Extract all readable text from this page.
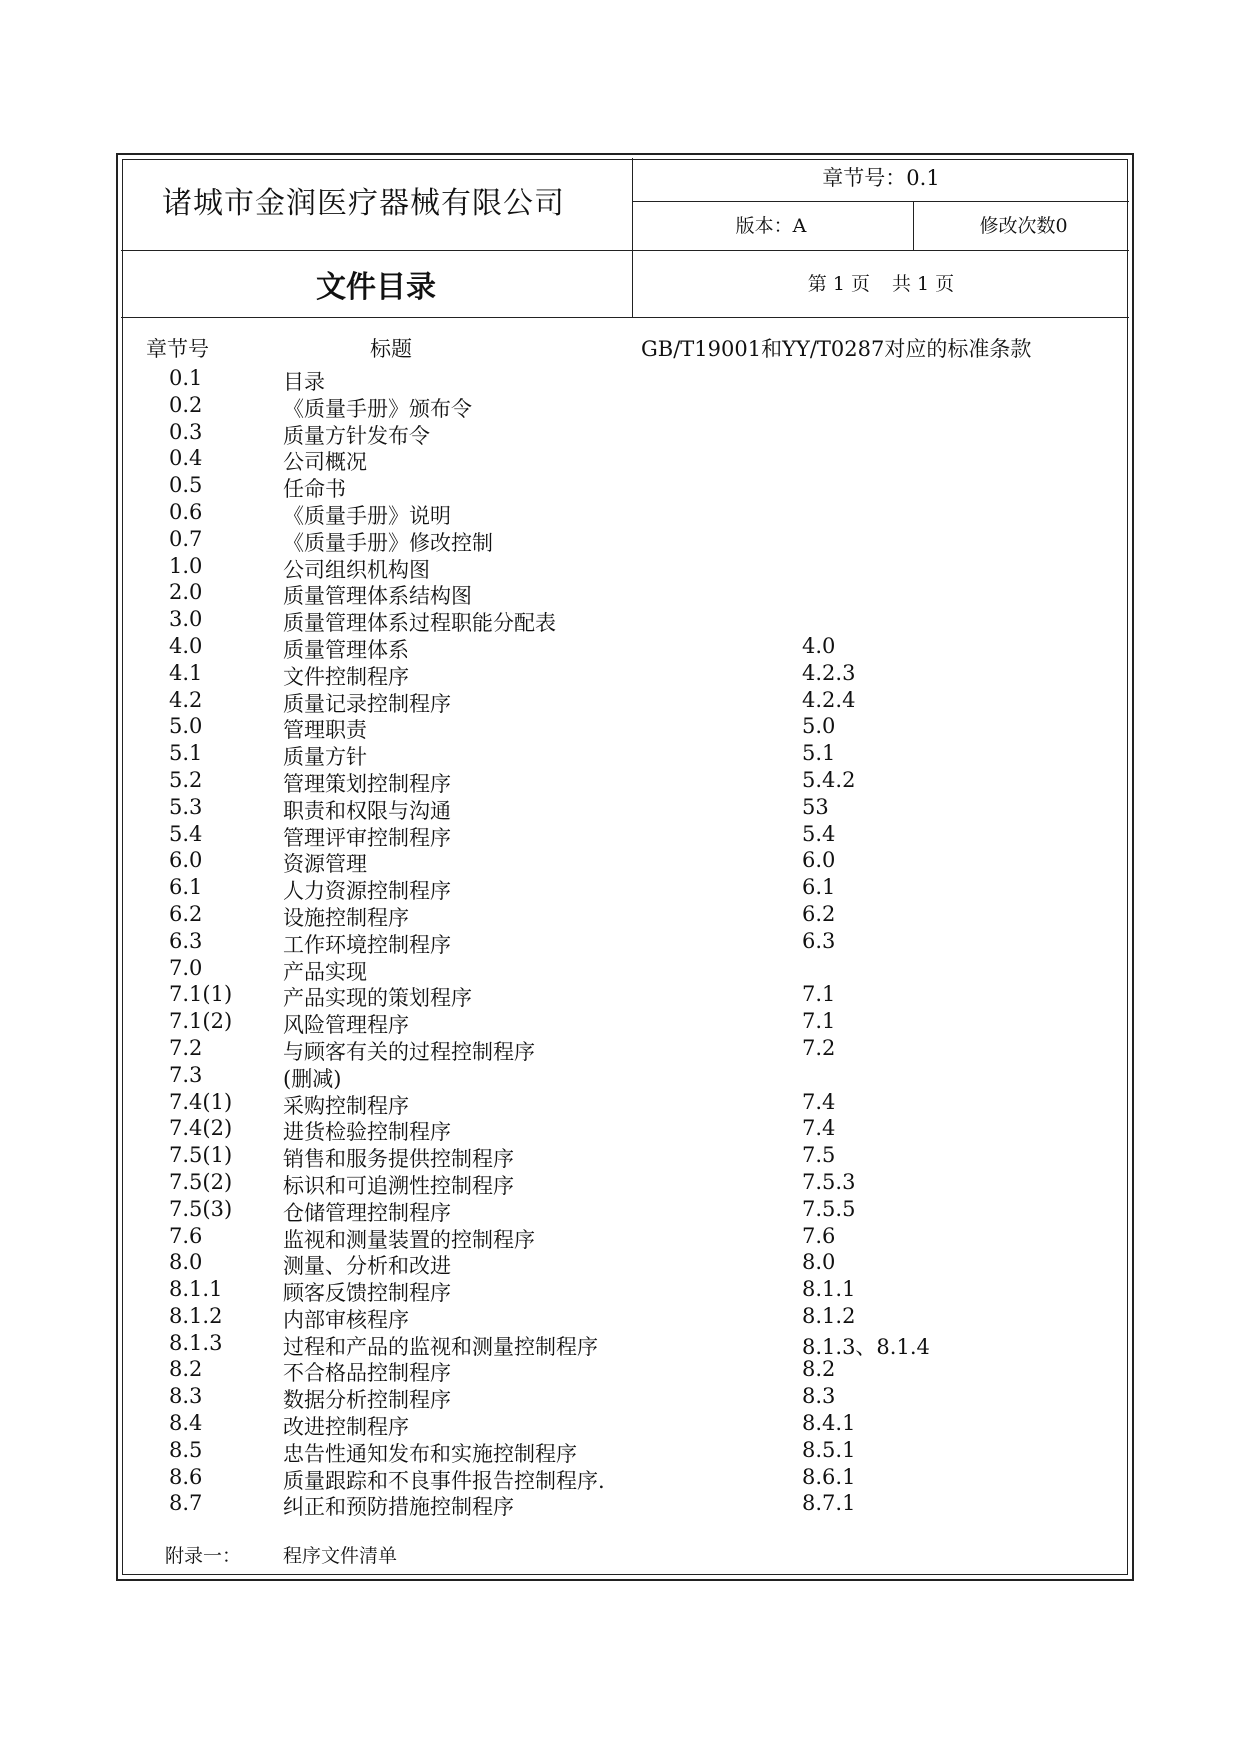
诸城市金润医疗器械有限公司
章节号：0.1
版本：A	修改次数0
文件目录	第 1 页 共 1 页
章节号	标题	GB/T19001和YY/T0287对应的标准条款
0.1	目录
0.2	《质量手册》颁布令
0.3	质量方针发布令
0.4	公司概况
0.5	任命书
0.6	《质量手册》说明
0.7	《质量手册》修改控制
1.0	公司组织机构图
2.0	质量管理体系结构图
3.0	质量管理体系过程职能分配表
4.0	质量管理体系	4.0
4.1	文件控制程序	4.2.3
4.2	质量记录控制程序	4.2.4
5.0	管理职责	5.0
5.1	质量方针	5.1
5.2	管理策划控制程序	5.4.2
5.3	职责和权限与沟通	53
5.4	管理评审控制程序	5.4
6.0	资源管理	6.0
6.1	人力资源控制程序	6.1
6.2	设施控制程序	6.2
6.3	工作环境控制程序	6.3
7.0	产品实现
7.1(1) 产品实现的策划程序	7.1
7.1(2) 风险管理程序	7.1
7.2	与顾客有关的过程控制程序	7.2
7.3	(删减)
7.4(1) 采购控制程序	7.4
7.4(2) 进货检验控制程序	7.4
7.5(1) 销售和服务提供控制程序	7.5
7.5(2) 标识和可追溯性控制程序	7.5.3
7.5(3) 仓储管理控制程序	7.5.5
7.6	监视和测量装置的控制程序	7.6
8.0	测量、分析和改进	8.0
8.1.1	顾客反馈控制程序	8.1.1
8.1.2	内部审核程序	8.1.2
8.1.3	过程和产品的监视和测量控制程序	8.1.3、8.1.4
8.2	不合格品控制程序	8.2
8.3	数据分析控制程序	8.3
8.4	改进控制程序	8.4.1
8.5	忠告性通知发布和实施控制程序	8.5.1
8.6	质量跟踪和不良事件报告控制程序.	8.6.1
8.7	纠正和预防措施控制程序	8.7.1
附录一： 程序文件清单
